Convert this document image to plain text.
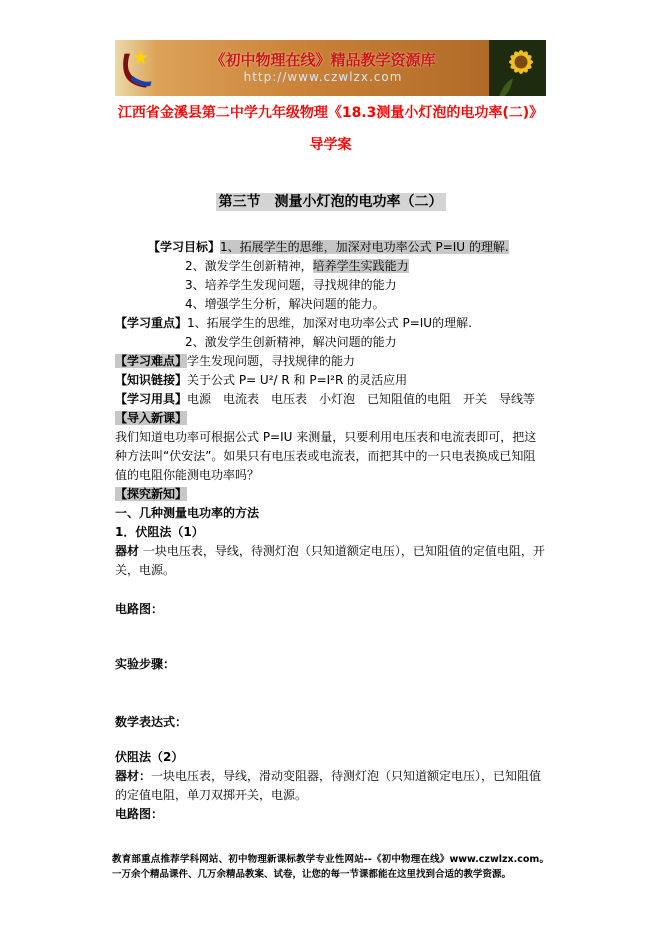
《初中物理在线》精品教学资源库
http://www.czwlzx.com
江西省金溪县第二中学九年级物理《18.3测量小灯泡的电功率(二)》
导学案
第三节　测量小灯泡的电功率（二）
【学习目标】1、拓展学生的思维，加深对电功率公式 P=IU 的理解.
2、激发学生创新精神，培养学生实践能力
3、培养学生发现问题，寻找规律的能力
4、增强学生分析，解决问题的能力。
【学习重点】1、拓展学生的思维，加深对电功率公式 P=IU的理解.
2、激发学生创新精神，解决问题的能力
【学习难点】学生发现问题，寻找规律的能力
【知识链接】关于公式 P= U²/ R 和 P=I²R 的灵活应用
【学习用具】电源　电流表　电压表　小灯泡　已知阻值的电阻　开关　导线等
【导入新课】
我们知道电功率可根据公式 P=IU 来测量，只要利用电压表和电流表即可，把这种方法叫“伏安法”。如果只有电压表或电流表，而把其中的一只电表换成已知阻值的电阻你能测电功率吗？
【探究新知】
一、几种测量电功率的方法
1．伏阻法（1）
器材 一块电压表，导线，待测灯泡（只知道额定电压），已知阻值的定值电阻，开关，电源。
电路图：
实验步骤：
数学表达式：
伏阻法（2）
器材：一块电压表，导线，滑动变阻器，待测灯泡（只知道额定电压），已知阻值的定值电阻，单刀双掷开关，电源。
电路图：
教育部重点推荐学科网站、初中物理新课标教学专业性网站--《初中物理在线》www.czwlzx.com。一万余个精品课件、几万余精品教案、试卷，让您的每一节课都能在这里找到合适的教学资源。
